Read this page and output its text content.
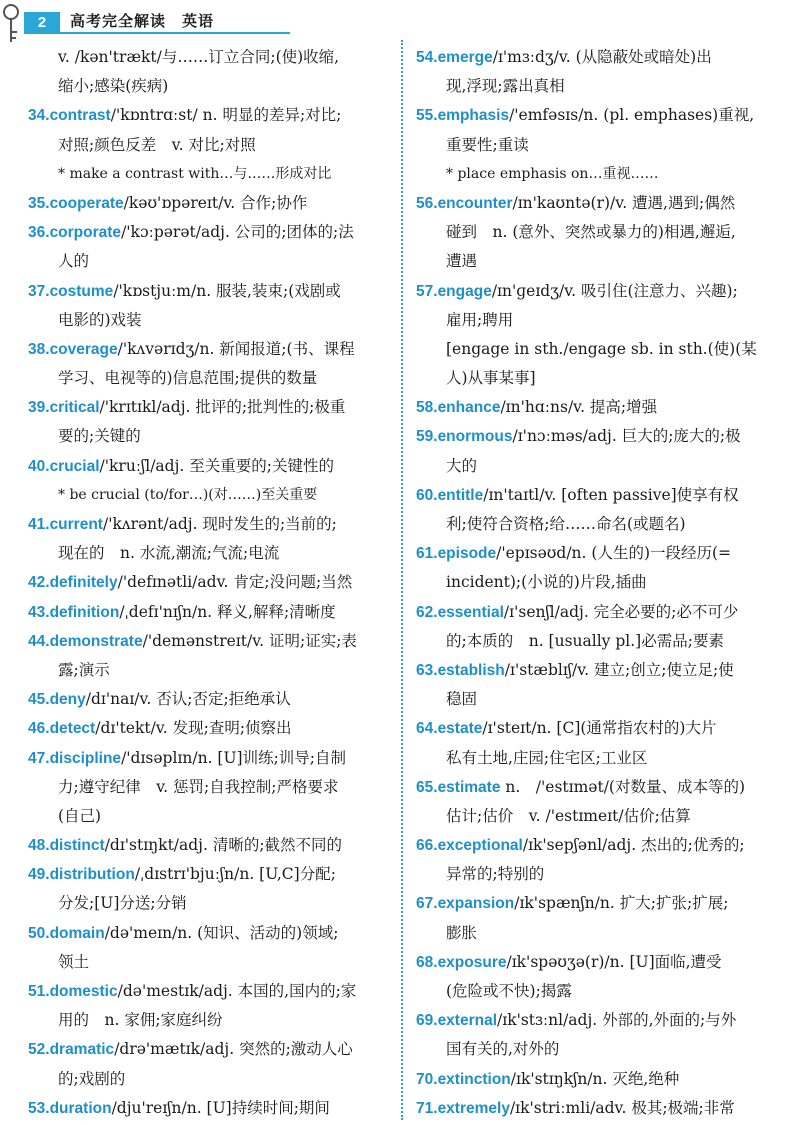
2	高考完全解读　英语
v. /kən'trækt/与……订立合同;(使)收缩,
缩小;感染(疾病)
34.contrast/'kɒntrɑːst/ n. 明显的差异;对比;
对照;颜色反差　v. 对比;对照
* make a contrast with…与……形成对比
35.cooperate/kəʊ'ɒpəreɪt/v. 合作;协作
36.corporate/'kɔːpərət/adj. 公司的;团体的;法
人的
37.costume/'kɒstjuːm/n. 服装,装束;(戏剧或
电影的)戏装
38.coverage/'kʌvərɪdʒ/n. 新闻报道;(书、课程
学习、电视等的)信息范围;提供的数量
39.critical/'krɪtɪkl/adj. 批评的;批判性的;极重
要的;关键的
40.crucial/'kruːʃl/adj. 至关重要的;关键性的
* be crucial (to/for…)(对……)至关重要
41.current/'kʌrənt/adj. 现时发生的;当前的;
现在的　n. 水流,潮流;气流;电流
42.definitely/'defɪnətli/adv. 肯定;没问题;当然
43.definition/ˌdefɪ'nɪʃn/n. 释义,解释;清晰度
44.demonstrate/'demənstreɪt/v. 证明;证实;表
露;演示
45.deny/dɪ'naɪ/v. 否认;否定;拒绝承认
46.detect/dɪ'tekt/v. 发现;查明;侦察出
47.discipline/'dɪsəplɪn/n. [U]训练;训导;自制
力;遵守纪律　v. 惩罚;自我控制;严格要求
(自己)
48.distinct/dɪ'stɪŋkt/adj. 清晰的;截然不同的
49.distribution/ˌdɪstrɪ'bjuːʃn/n. [U,C]分配;
分发;[U]分送;分销
50.domain/də'meɪn/n. (知识、活动的)领域;
领土
51.domestic/də'mestɪk/adj. 本国的,国内的;家
用的　n. 家佣;家庭纠纷
52.dramatic/drə'mætɪk/adj. 突然的;激动人心
的;戏剧的
53.duration/dju'reɪʃn/n. [U]持续时间;期间
54.emerge/ɪ'mɜːdʒ/v. (从隐蔽处或暗处)出
现,浮现;露出真相
55.emphasis/'emfəsɪs/n. (pl. emphases)重视,
重要性;重读
* place emphasis on…重视……
56.encounter/ɪn'kaʊntə(r)/v. 遭遇,遇到;偶然
碰到　n. (意外、突然或暴力的)相遇,邂逅,
遭遇
57.engage/ɪn'ɡeɪdʒ/v. 吸引住(注意力、兴趣);
雇用;聘用
[engage in sth./engage sb. in sth.(使)(某
人)从事某事]
58.enhance/ɪn'hɑːns/v. 提高;增强
59.enormous/ɪ'nɔːməs/adj. 巨大的;庞大的;极
大的
60.entitle/ɪn'taɪtl/v. [often passive]使享有权
利;使符合资格;给……命名(或题名)
61.episode/'epɪsəʊd/n. (人生的)一段经历(=
incident);(小说的)片段,插曲
62.essential/ɪ'senʃl/adj. 完全必要的;必不可少
的;本质的　n. [usually pl.]必需品;要素
63.establish/ɪ'stæblɪʃ/v. 建立;创立;使立足;使
稳固
64.estate/ɪ'steɪt/n. [C](通常指农村的)大片
私有土地,庄园;住宅区;工业区
65.estimate n.　/'estɪmət/(对数量、成本等的)
估计;估价　v. /'estɪmeɪt/估价;估算
66.exceptional/ɪk'sepʃənl/adj. 杰出的;优秀的;
异常的;特别的
67.expansion/ɪk'spænʃn/n. 扩大;扩张;扩展;
膨胀
68.exposure/ɪk'spəʊʒə(r)/n. [U]面临,遭受
(危险或不快);揭露
69.external/ɪk'stɜːnl/adj. 外部的,外面的;与外
国有关的,对外的
70.extinction/ɪk'stɪŋkʃn/n. 灭绝,绝种
71.extremely/ɪk'striːmli/adv. 极其;极端;非常
